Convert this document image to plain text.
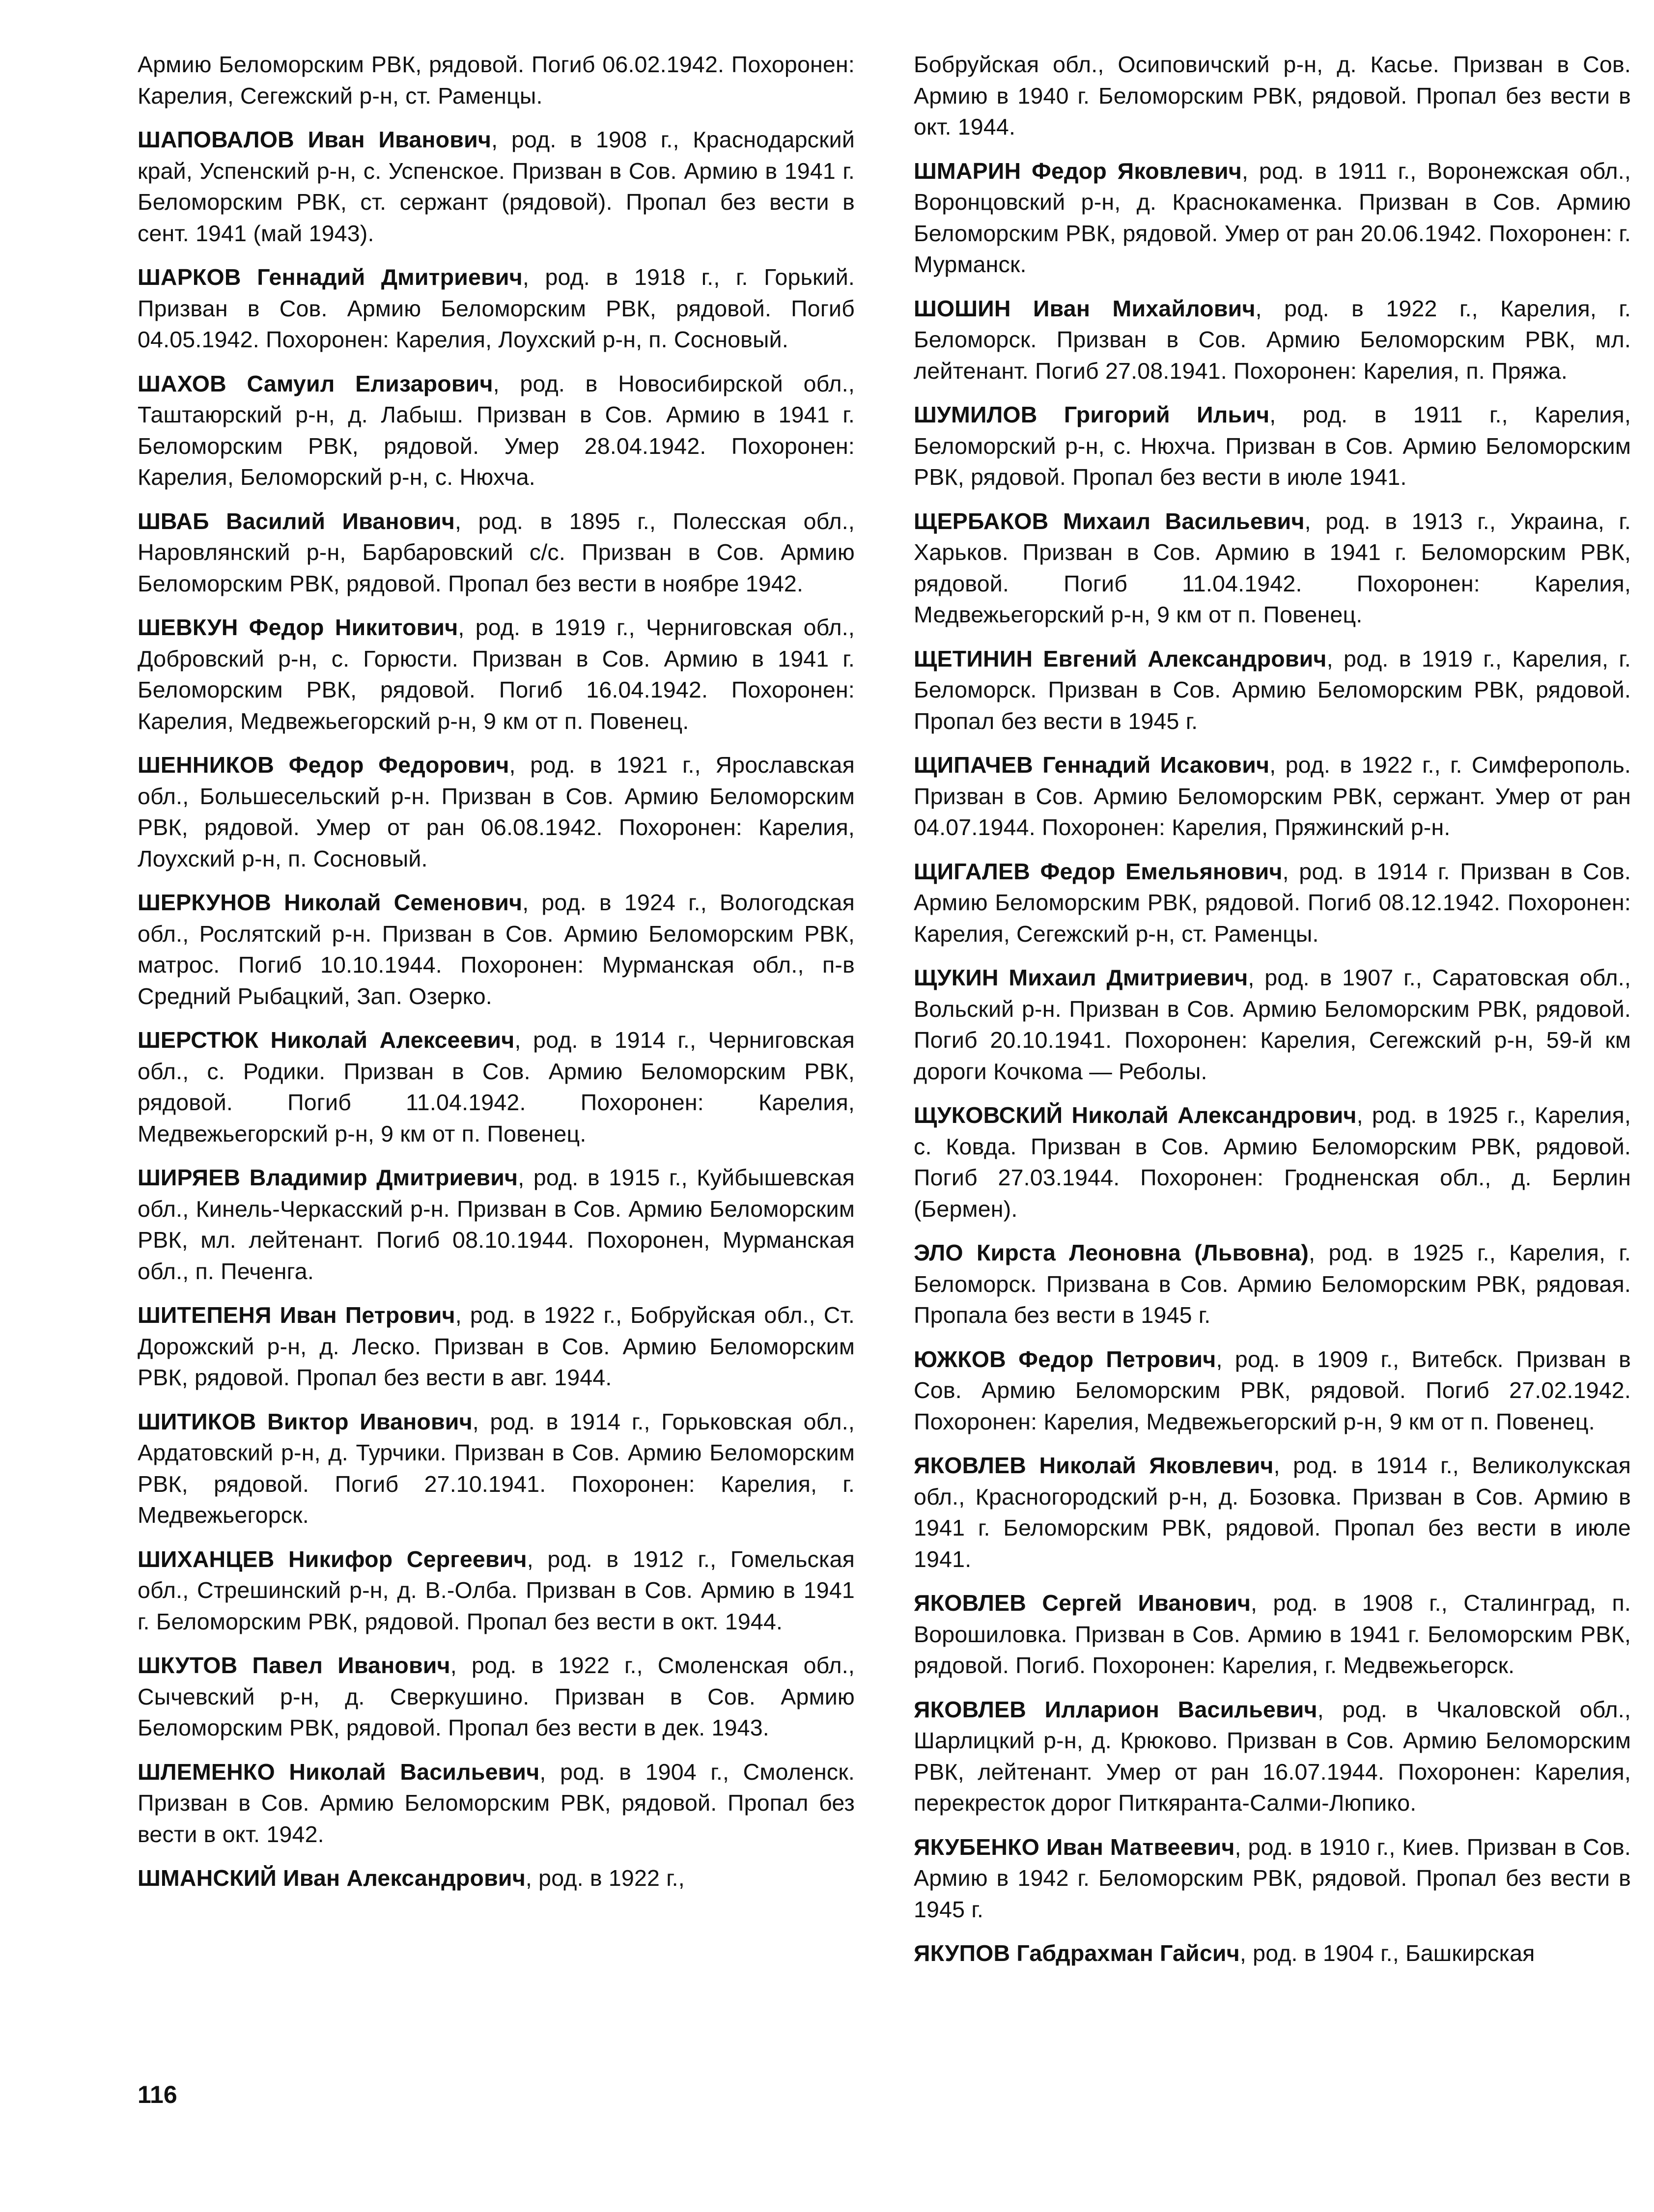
Армию Беломорским РВК, рядовой. Погиб 06.02.1942. Похоронен: Карелия, Сегежский р-н, ст. Раменцы.

ШАПОВАЛОВ Иван Иванович, род. в 1908 г., Краснодарский край, Успенский р-н, с. Успенское. Призван в Сов. Армию в 1941 г. Беломорским РВК, ст. сержант (рядовой). Пропал без вести в сент. 1941 (май 1943).

ШАРКОВ Геннадий Дмитриевич, род. в 1918 г., г. Горький. Призван в Сов. Армию Беломорским РВК, рядовой. Погиб 04.05.1942. Похоронен: Карелия, Лоухский р-н, п. Сосновый.

ШАХОВ Самуил Елизарович, род. в Новосибирской обл., Таштаюрский р-н, д. Лабыш. Призван в Сов. Армию в 1941 г. Беломорским РВК, рядовой. Умер 28.04.1942. Похоронен: Карелия, Беломорский р-н, с. Нюхча.

ШВАБ Василий Иванович, род. в 1895 г., Полесская обл., Наровлянский р-н, Барбаровский с/с. Призван в Сов. Армию Беломорским РВК, рядовой. Пропал без вести в ноябре 1942.

ШЕВКУН Федор Никитович, род. в 1919 г., Черниговская обл., Добровский р-н, с. Горюсти. Призван в Сов. Армию в 1941 г. Беломорским РВК, рядовой. Погиб 16.04.1942. Похоронен: Карелия, Медвежьегорский р-н, 9 км от п. Повенец.

ШЕННИКОВ Федор Федорович, род. в 1921 г., Ярославская обл., Большесельский р-н. Призван в Сов. Армию Беломорским РВК, рядовой. Умер от ран 06.08.1942. Похоронен: Карелия, Лоухский р-н, п. Сосновый.

ШЕРКУНОВ Николай Семенович, род. в 1924 г., Вологодская обл., Рослятский р-н. Призван в Сов. Армию Беломорским РВК, матрос. Погиб 10.10.1944. Похоронен: Мурманская обл., п-в Средний Рыбацкий, Зап. Озерко.

ШЕРСТЮК Николай Алексеевич, род. в 1914 г., Черниговская обл., с. Родики. Призван в Сов. Армию Беломорским РВК, рядовой. Погиб 11.04.1942. Похоронен: Карелия, Медвежьегорский р-н, 9 км от п. Повенец.

ШИРЯЕВ Владимир Дмитриевич, род. в 1915 г., Куйбышевская обл., Кинель-Черкасский р-н. Призван в Сов. Армию Беломорским РВК, мл. лейтенант. Погиб 08.10.1944. Похоронен, Мурманская обл., п. Печенга.

ШИТЕПЕНЯ Иван Петрович, род. в 1922 г., Бобруйская обл., Ст. Дорожский р-н, д. Леско. Призван в Сов. Армию Беломорским РВК, рядовой. Пропал без вести в авг. 1944.

ШИТИКОВ Виктор Иванович, род. в 1914 г., Горьковская обл., Ардатовский р-н, д. Турчики. Призван в Сов. Армию Беломорским РВК, рядовой. Погиб 27.10.1941. Похоронен: Карелия, г. Медвежьегорск.

ШИХАНЦЕВ Никифор Сергеевич, род. в 1912 г., Гомельская обл., Стрешинский р-н, д. В.-Олба. Призван в Сов. Армию в 1941 г. Беломорским РВК, рядовой. Пропал без вести в окт. 1944.

ШКУТОВ Павел Иванович, род. в 1922 г., Смоленская обл., Сычевский р-н, д. Сверкушино. Призван в Сов. Армию Беломорским РВК, рядовой. Пропал без вести в дек. 1943.

ШЛЕМЕНКО Николай Васильевич, род. в 1904 г., Смоленск. Призван в Сов. Армию Беломорским РВК, рядовой. Пропал без вести в окт. 1942.

ШМАНСКИЙ Иван Александрович, род. в 1922 г.,

Бобруйская обл., Осиповичский р-н, д. Касье. Призван в Сов. Армию в 1940 г. Беломорским РВК, рядовой. Пропал без вести в окт. 1944.

ШМАРИН Федор Яковлевич, род. в 1911 г., Воронежская обл., Воронцовский р-н, д. Краснокаменка. Призван в Сов. Армию Беломорским РВК, рядовой. Умер от ран 20.06.1942. Похоронен: г. Мурманск.

ШОШИН Иван Михайлович, род. в 1922 г., Карелия, г. Беломорск. Призван в Сов. Армию Беломорским РВК, мл. лейтенант. Погиб 27.08.1941. Похоронен: Карелия, п. Пряжа.

ШУМИЛОВ Григорий Ильич, род. в 1911 г., Карелия, Беломорский р-н, с. Нюхча. Призван в Сов. Армию Беломорским РВК, рядовой. Пропал без вести в июле 1941.

ЩЕРБАКОВ Михаил Васильевич, род. в 1913 г., Украина, г. Харьков. Призван в Сов. Армию в 1941 г. Беломорским РВК, рядовой. Погиб 11.04.1942. Похоронен: Карелия, Медвежьегорский р-н, 9 км от п. Повенец.

ЩЕТИНИН Евгений Александрович, род. в 1919 г., Карелия, г. Беломорск. Призван в Сов. Армию Беломорским РВК, рядовой. Пропал без вести в 1945 г.

ЩИПАЧЕВ Геннадий Исакович, род. в 1922 г., г. Симферополь. Призван в Сов. Армию Беломорским РВК, сержант. Умер от ран 04.07.1944. Похоронен: Карелия, Пряжинский р-н.

ЩИГАЛЕВ Федор Емельянович, род. в 1914 г. Призван в Сов. Армию Беломорским РВК, рядовой. Погиб 08.12.1942. Похоронен: Карелия, Сегежский р-н, ст. Раменцы.

ЩУКИН Михаил Дмитриевич, род. в 1907 г., Саратовская обл., Вольский р-н. Призван в Сов. Армию Беломорским РВК, рядовой. Погиб 20.10.1941. Похоронен: Карелия, Сегежский р-н, 59-й км дороги Кочкома — Реболы.

ЩУКОВСКИЙ Николай Александрович, род. в 1925 г., Карелия, с. Ковда. Призван в Сов. Армию Беломорским РВК, рядовой. Погиб 27.03.1944. Похоронен: Гродненская обл., д. Берлин (Бермен).

ЭЛО Кирста Леоновна (Львовна), род. в 1925 г., Карелия, г. Беломорск. Призвана в Сов. Армию Беломорским РВК, рядовая. Пропала без вести в 1945 г.

ЮЖКОВ Федор Петрович, род. в 1909 г., Витебск. Призван в Сов. Армию Беломорским РВК, рядовой. Погиб 27.02.1942. Похоронен: Карелия, Медвежьегорский р-н, 9 км от п. Повенец.

ЯКОВЛЕВ Николай Яковлевич, род. в 1914 г., Великолукская обл., Красногородский р-н, д. Бозовка. Призван в Сов. Армию в 1941 г. Беломорским РВК, рядовой. Пропал без вести в июле 1941.

ЯКОВЛЕВ Сергей Иванович, род. в 1908 г., Сталинград, п. Ворошиловка. Призван в Сов. Армию в 1941 г. Беломорским РВК, рядовой. Погиб. Похоронен: Карелия, г. Медвежьегорск.

ЯКОВЛЕВ Илларион Васильевич, род. в Чкаловской обл., Шарлицкий р-н, д. Крюково. Призван в Сов. Армию Беломорским РВК, лейтенант. Умер от ран 16.07.1944. Похоронен: Карелия, перекресток дорог Питкяранта-Салми-Люпико.

ЯКУБЕНКО Иван Матвеевич, род. в 1910 г., Киев. Призван в Сов. Армию в 1942 г. Беломорским РВК, рядовой. Пропал без вести в 1945 г.

ЯКУПОВ Габдрахман Гайсич, род. в 1904 г., Башкирская

116
